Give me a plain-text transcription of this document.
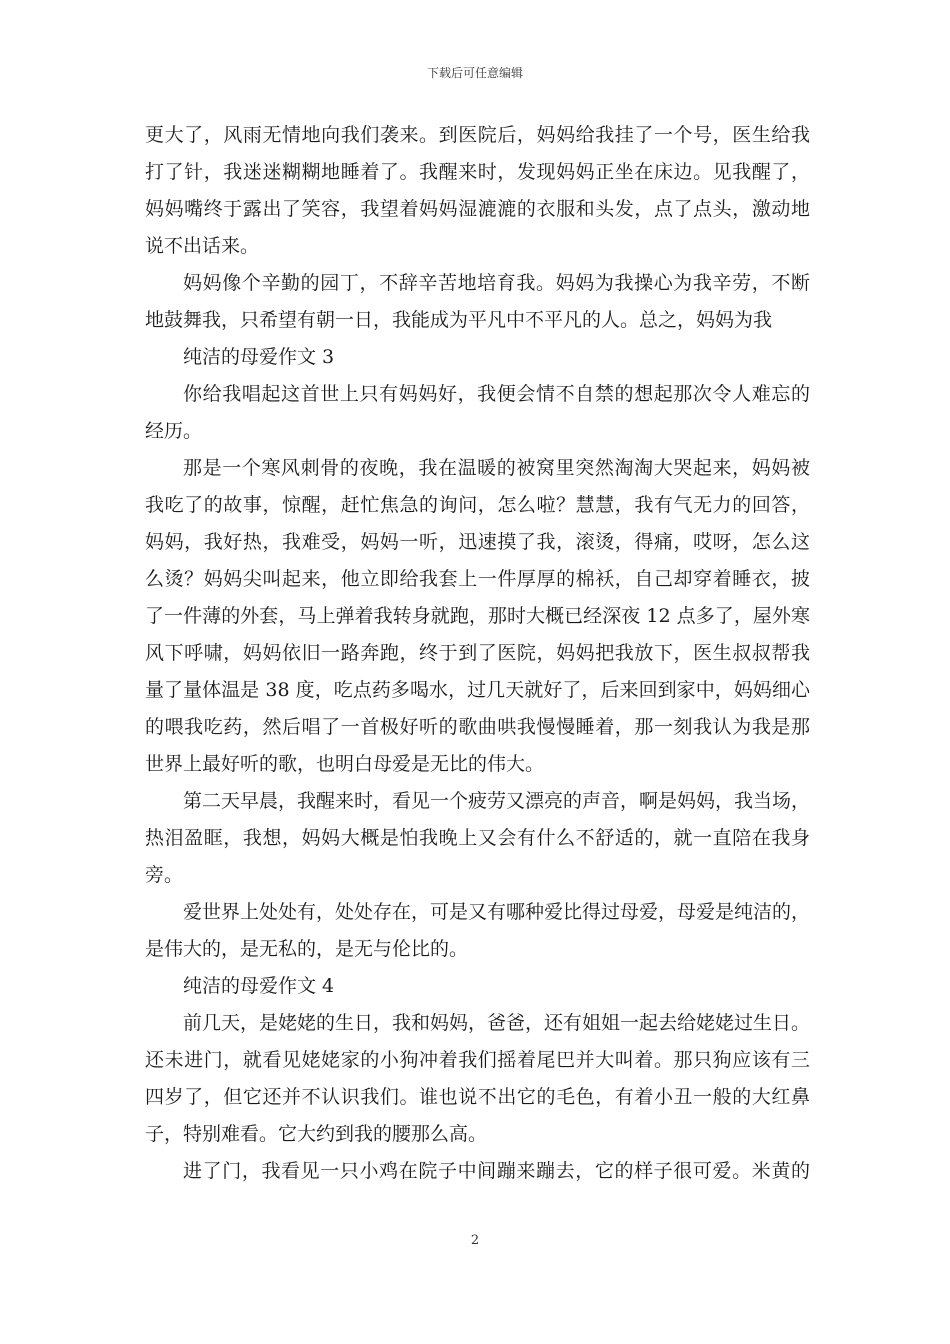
下载后可任意编辑
更大了，风雨无情地向我们袭来。到医院后，妈妈给我挂了一个号，医生给我
打了针，我迷迷糊糊地睡着了。我醒来时，发现妈妈正坐在床边。见我醒了，
妈妈嘴终于露出了笑容，我望着妈妈湿漉漉的衣服和头发，点了点头，激动地
说不出话来。
妈妈像个辛勤的园丁，不辞辛苦地培育我。妈妈为我操心为我辛劳，不断
地鼓舞我，只希望有朝一日，我能成为平凡中不平凡的人。总之，妈妈为我
纯洁的母爱作文 3
你给我唱起这首世上只有妈妈好，我便会情不自禁的想起那次令人难忘的
经历。
那是一个寒风刺骨的夜晚，我在温暖的被窝里突然淘淘大哭起来，妈妈被
我吃了的故事，惊醒，赶忙焦急的询问，怎么啦？慧慧，我有气无力的回答，
妈妈，我好热，我难受，妈妈一听，迅速摸了我，滚烫，得痛，哎呀，怎么这
么烫？妈妈尖叫起来，他立即给我套上一件厚厚的棉袄，自己却穿着睡衣，披
了一件薄的外套，马上弹着我转身就跑，那时大概已经深夜 12 点多了，屋外寒
风下呼啸，妈妈依旧一路奔跑，终于到了医院，妈妈把我放下，医生叔叔帮我
量了量体温是 38 度，吃点药多喝水，过几天就好了，后来回到家中，妈妈细心
的喂我吃药，然后唱了一首极好听的歌曲哄我慢慢睡着，那一刻我认为我是那
世界上最好听的歌，也明白母爱是无比的伟大。
第二天早晨，我醒来时，看见一个疲劳又漂亮的声音，啊是妈妈，我当场，
热泪盈眶，我想，妈妈大概是怕我晚上又会有什么不舒适的，就一直陪在我身
旁。
爱世界上处处有，处处存在，可是又有哪种爱比得过母爱，母爱是纯洁的，
是伟大的，是无私的，是无与伦比的。
纯洁的母爱作文 4
前几天，是姥姥的生日，我和妈妈，爸爸，还有姐姐一起去给姥姥过生日。
还未进门，就看见姥姥家的小狗冲着我们摇着尾巴并大叫着。那只狗应该有三
四岁了，但它还并不认识我们。谁也说不出它的毛色，有着小丑一般的大红鼻
子，特别难看。它大约到我的腰那么高。
进了门，我看见一只小鸡在院子中间蹦来蹦去，它的样子很可爱。米黄的
2
